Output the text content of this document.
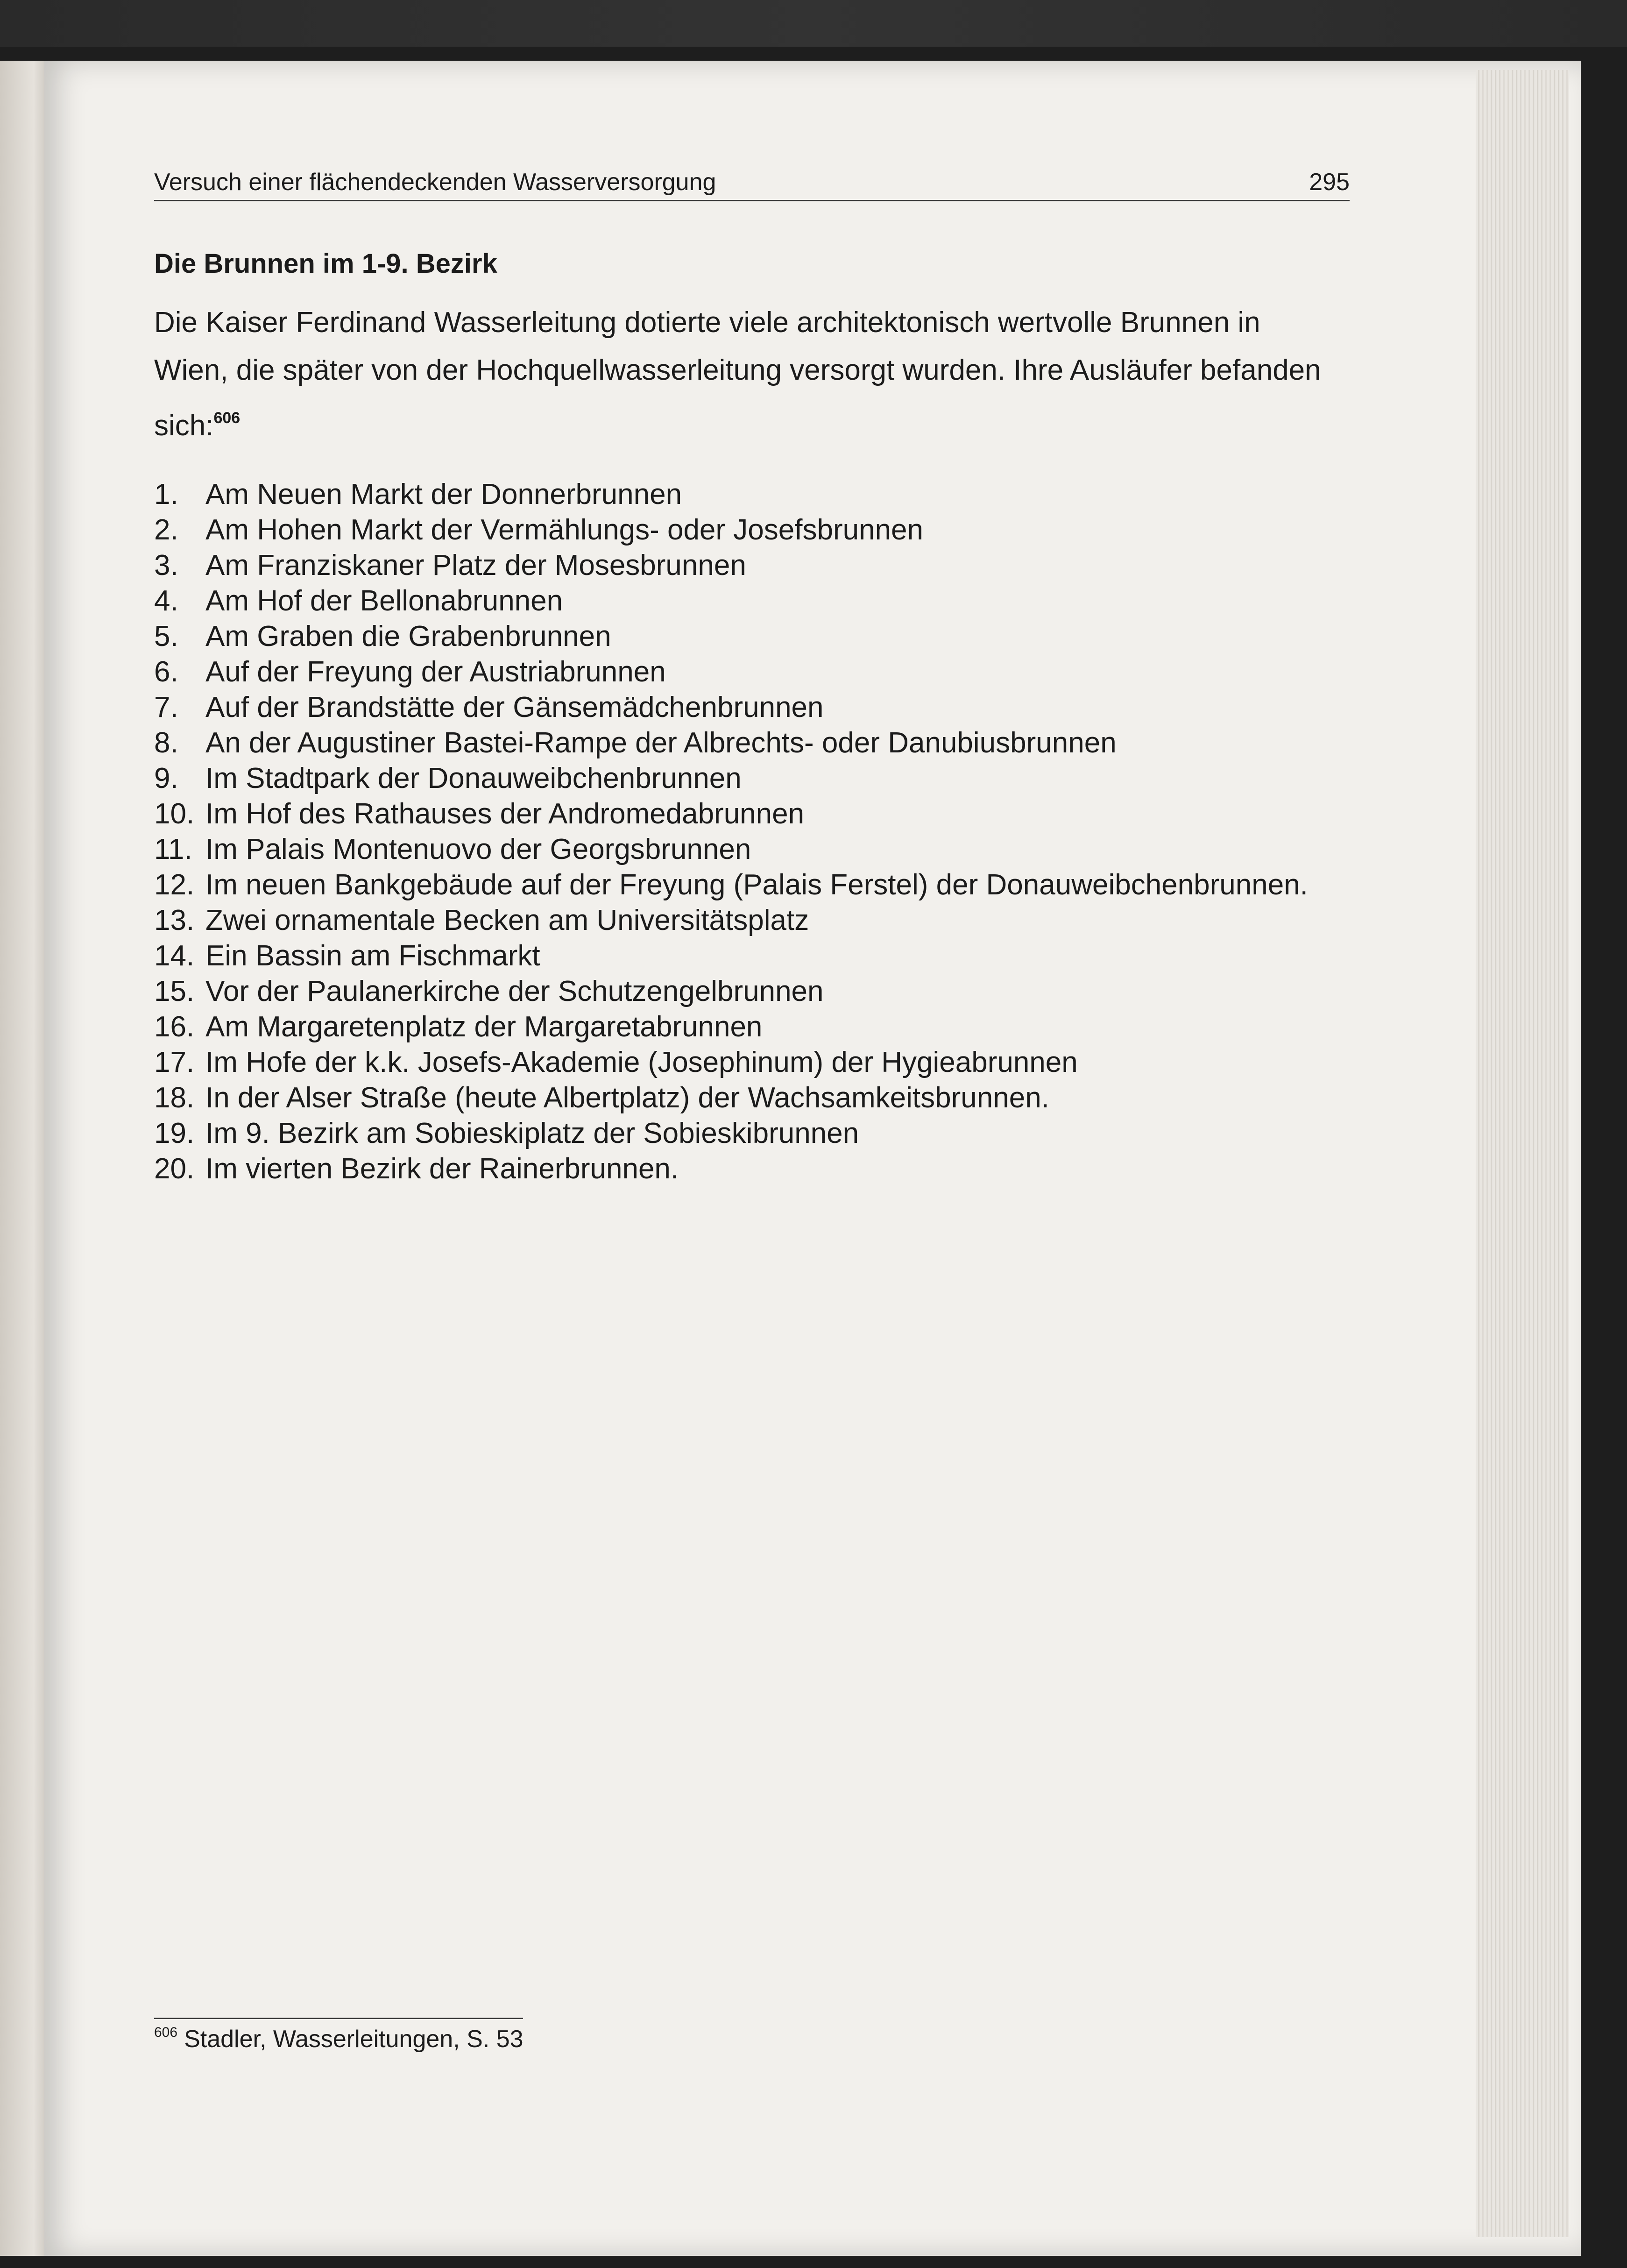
Versuch einer flächendeckenden Wasserversorgung	295
Die Brunnen im 1-9. Bezirk
Die Kaiser Ferdinand Wasserleitung dotierte viele architektonisch wertvolle Brunnen in Wien, die später von der Hochquellwasserleitung versorgt wurden. Ihre Ausläufer befanden sich:$^{606}$
1. Am Neuen Markt der Donnerbrunnen
2. Am Hohen Markt der Vermählungs- oder Josefsbrunnen
3. Am Franziskaner Platz der Mosesbrunnen
4. Am Hof der Bellonabrunnen
5. Am Graben die Grabenbrunnen
6. Auf der Freyung der Austriabrunnen
7. Auf der Brandstätte der Gänsemädchenbrunnen
8. An der Augustiner Bastei-Rampe der Albrechts- oder Danubiusbrunnen
9. Im Stadtpark der Donauweibchenbrunnen
10. Im Hof des Rathauses der Andromedabrunnen
11. Im Palais Montenuovo der Georgsbrunnen
12. Im neuen Bankgebäude auf der Freyung (Palais Ferstel) der Donauweibchenbrunnen.
13. Zwei ornamentale Becken am Universitätsplatz
14. Ein Bassin am Fischmarkt
15. Vor der Paulanerkirche der Schutzengelbrunnen
16. Am Margaretenplatz der Margaretabrunnen
17. Im Hofe der k.k. Josefs-Akademie (Josephinum) der Hygieabrunnen
18. In der Alser Straße (heute Albertplatz) der Wachsamkeitsbrunnen.
19. Im 9. Bezirk am Sobieskiplatz der Sobieskibrunnen
20. Im vierten Bezirk der Rainerbrunnen.
$^{606}$ Stadler, Wasserleitungen, S. 53
